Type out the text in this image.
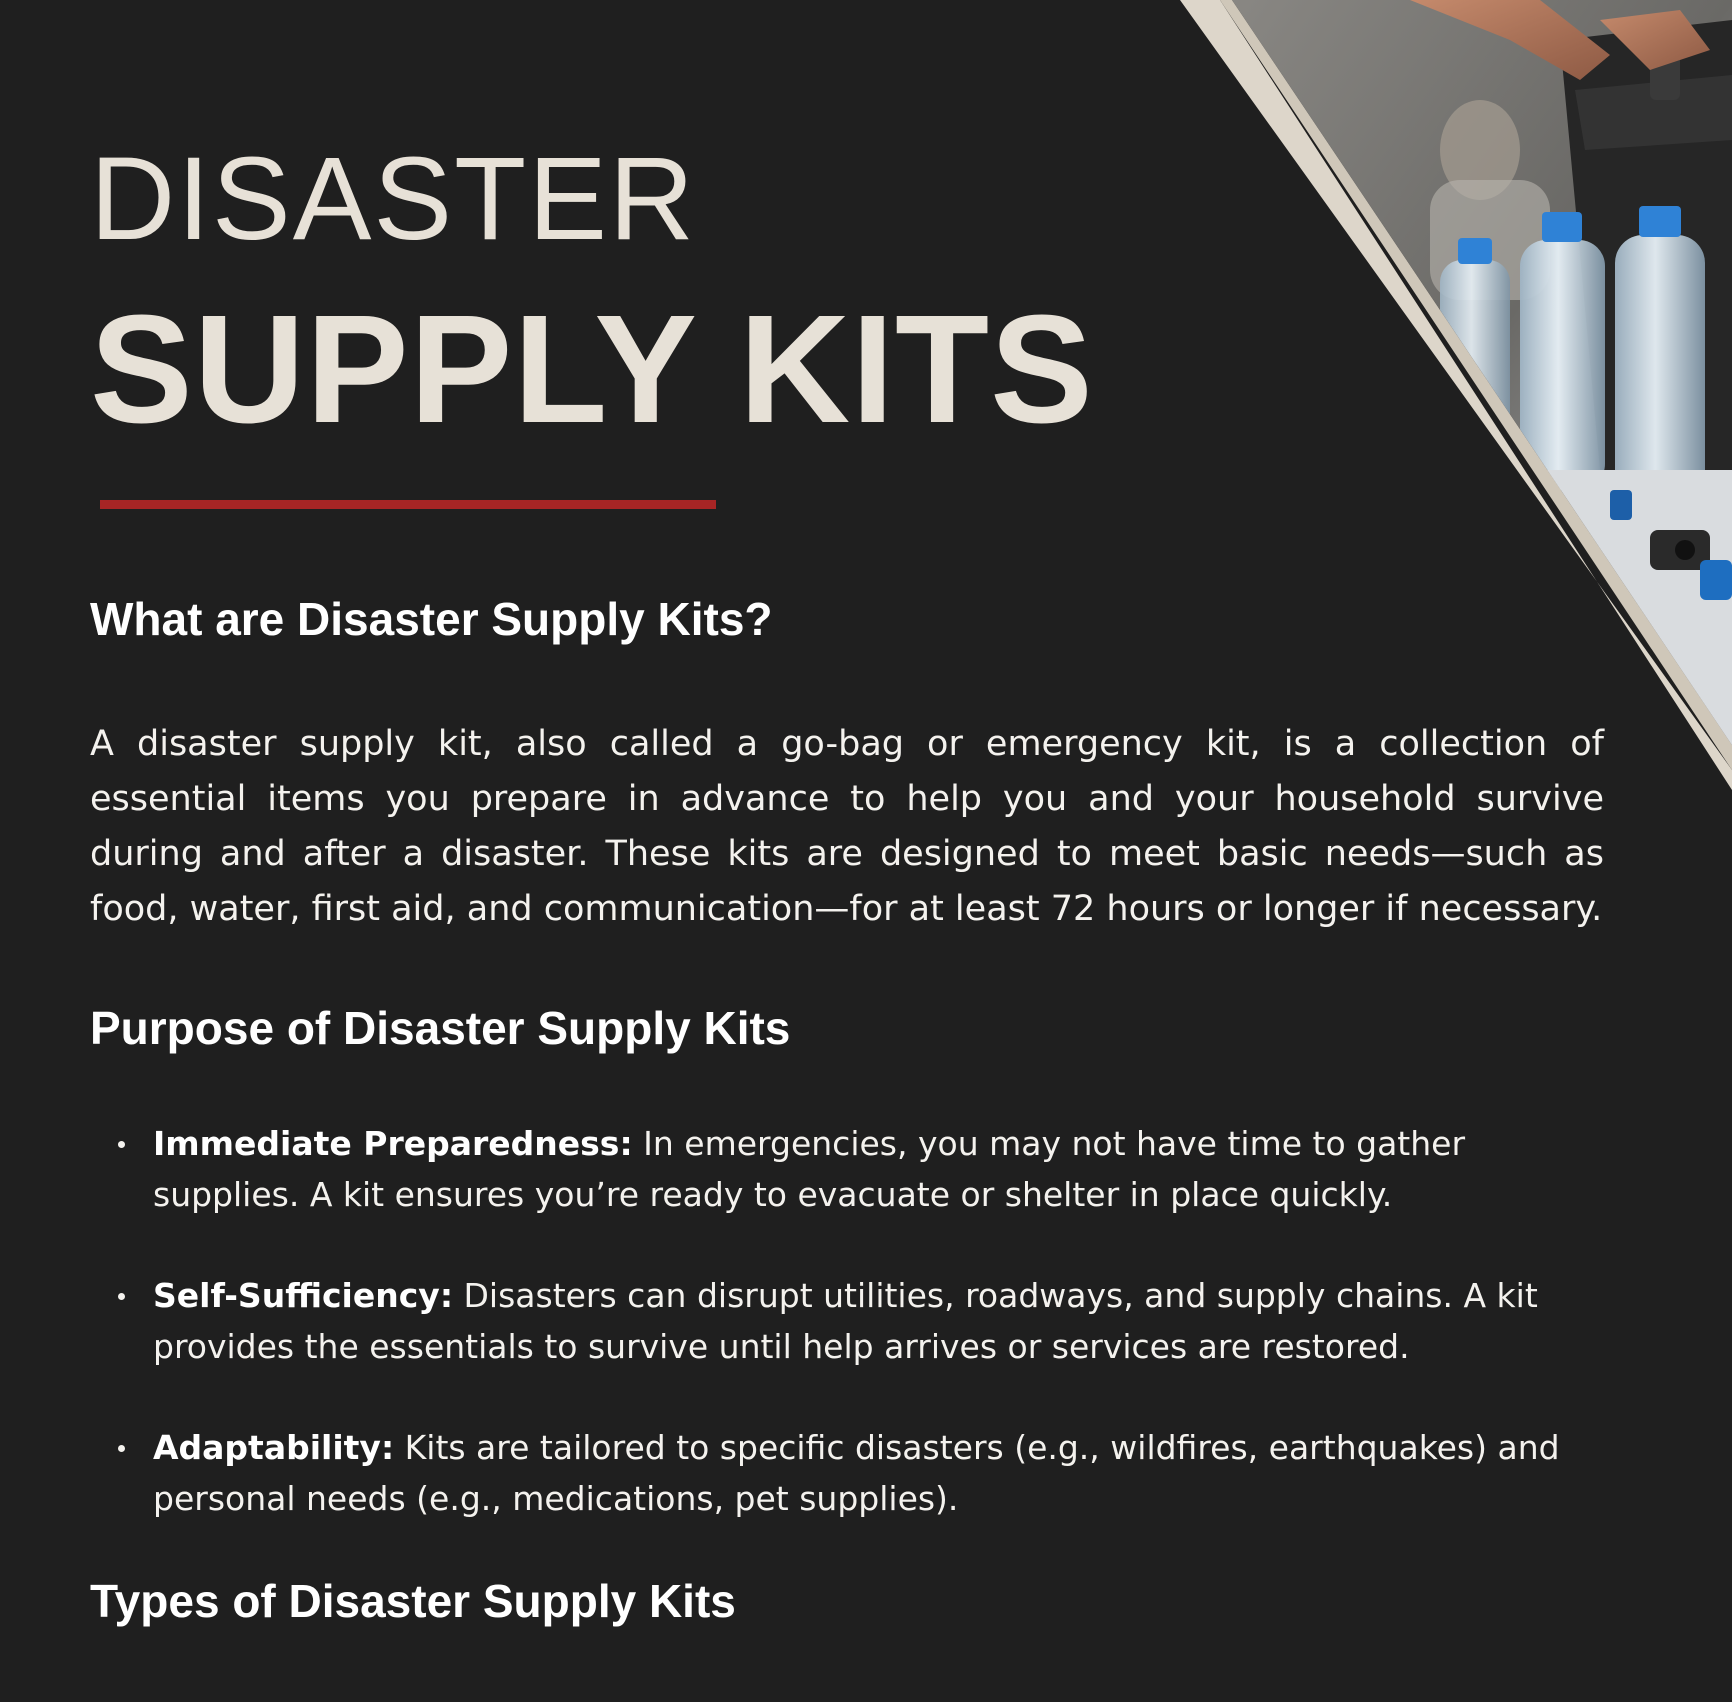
DISASTER
SUPPLY KITS
What are Disaster Supply Kits?

A disaster supply kit, also called a go-bag or emergency kit, is a collection of essential items you prepare in advance to help you and your household survive during and after a disaster. These kits are designed to meet basic needs—such as food, water, first aid, and communication—for at least 72 hours or longer if necessary.

Purpose of Disaster Supply Kits
Immediate Preparedness: In emergencies, you may not have time to gather supplies. A kit ensures you’re ready to evacuate or shelter in place quickly.
Self-Sufficiency: Disasters can disrupt utilities, roadways, and supply chains. A kit provides the essentials to survive until help arrives or services are restored.
Adaptability: Kits are tailored to specific disasters (e.g., wildfires, earthquakes) and personal needs (e.g., medications, pet supplies).
Types of Disaster Supply Kits
